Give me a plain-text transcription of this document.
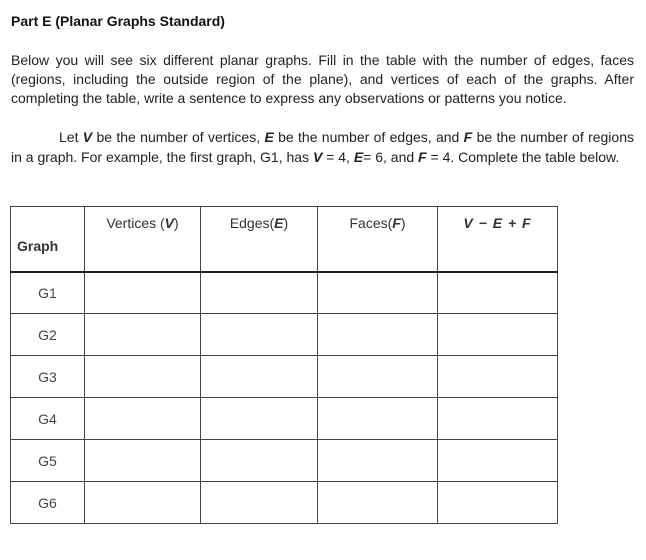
Part E (Planar Graphs Standard)

Below you will see six different planar graphs. Fill in the table with the number of edges, faces (regions, including the outside region of the plane), and vertices of each of the graphs. After completing the table, write a sentence to express any observations or patterns you notice.

Let V be the number of vertices, E be the number of edges, and F be the number of regions in a graph. For example, the first graph, G1, has V = 4, E= 6, and F = 4. Complete the table below.

Graph	Vertices (V)	Edges(E)	Faces(F)	V − E + F
G1				
G2				
G3				
G4				
G5				
G6				
